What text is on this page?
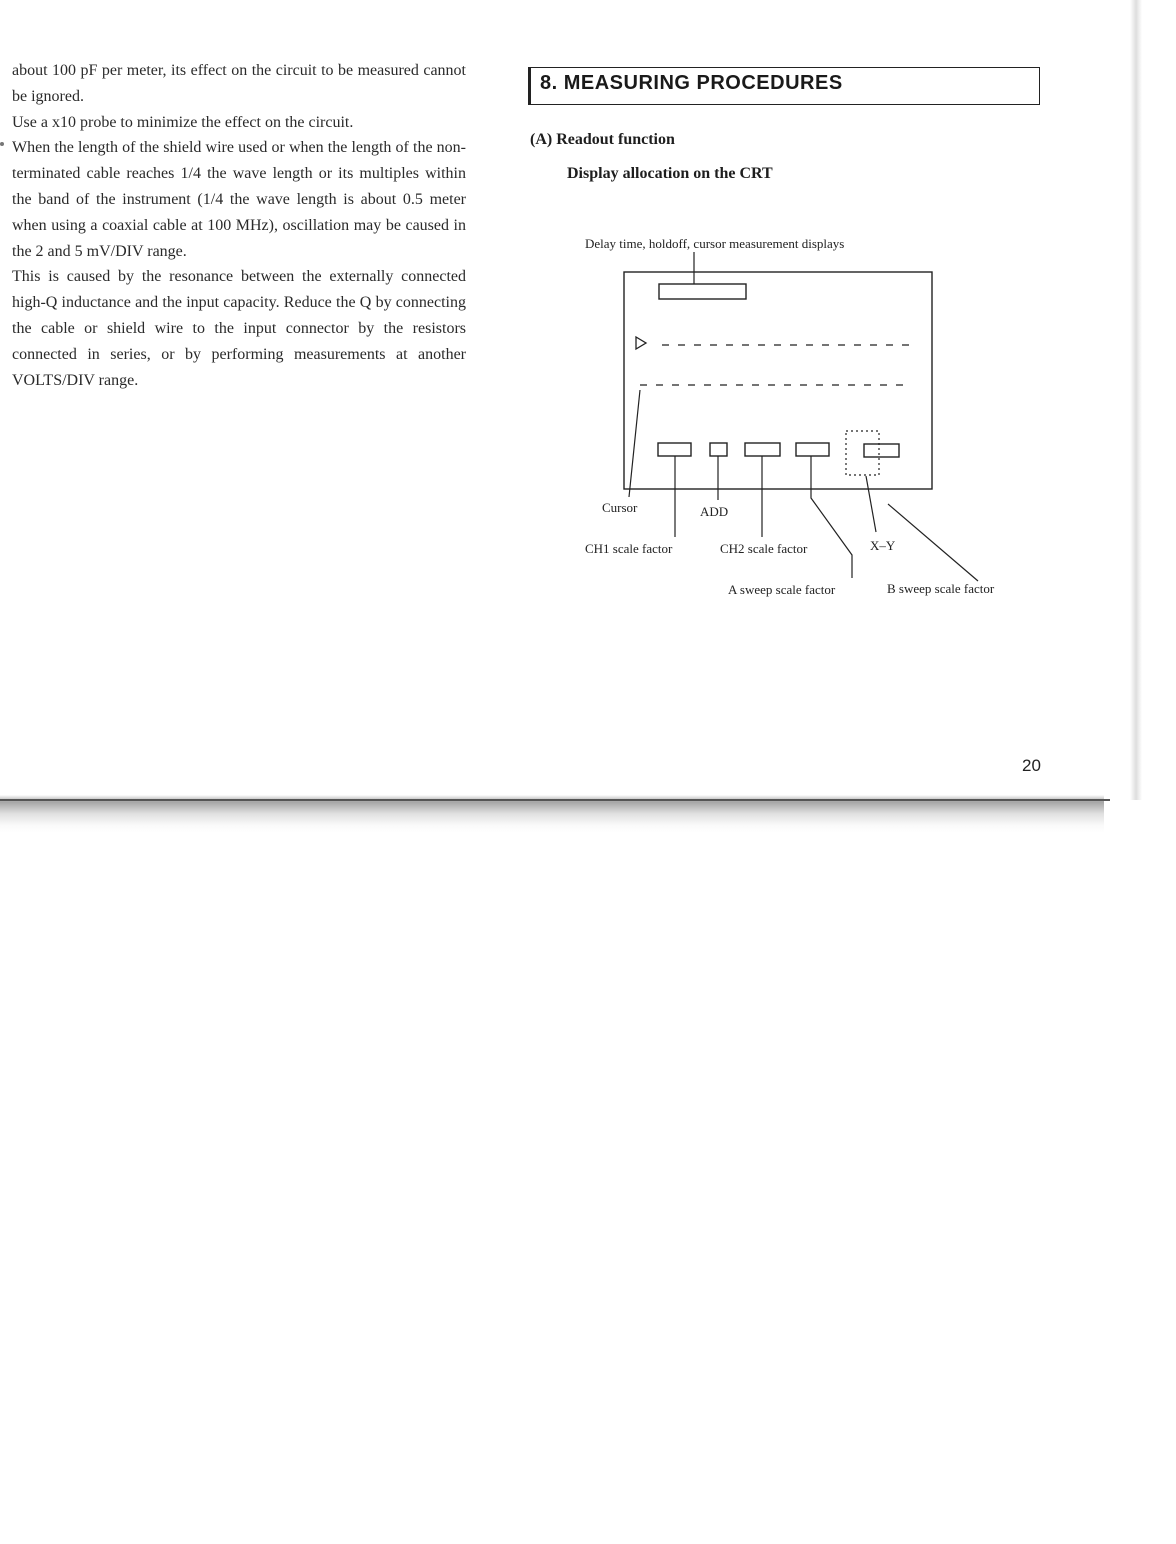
about 100 pF per meter, its effect on the circuit to be measured cannot be ignored.

Use a x10 probe to minimize the effect on the circuit.

When the length of the shield wire used or when the length of the non-terminated cable reaches 1/4 the wave length or its multiples within the band of the instrument (1/4 the wave length is about 0.5 meter when using a coaxial cable at 100 MHz), oscillation may be caused in the 2 and 5 mV/DIV range.

This is caused by the resonance between the externally connected high-Q inductance and the input capacity. Reduce the Q by connecting the cable or shield wire to the input connector by the resistors connected in series, or by performing measurements at another VOLTS/DIV range.

8. MEASURING PROCEDURES
(A) Readout function
Display allocation on the CRT
Delay time, holdoff, cursor measurement displays
Cursor	ADD
CH1 scale factor	CH2 scale factor	X–Y
A sweep scale factor	B sweep scale factor
20
